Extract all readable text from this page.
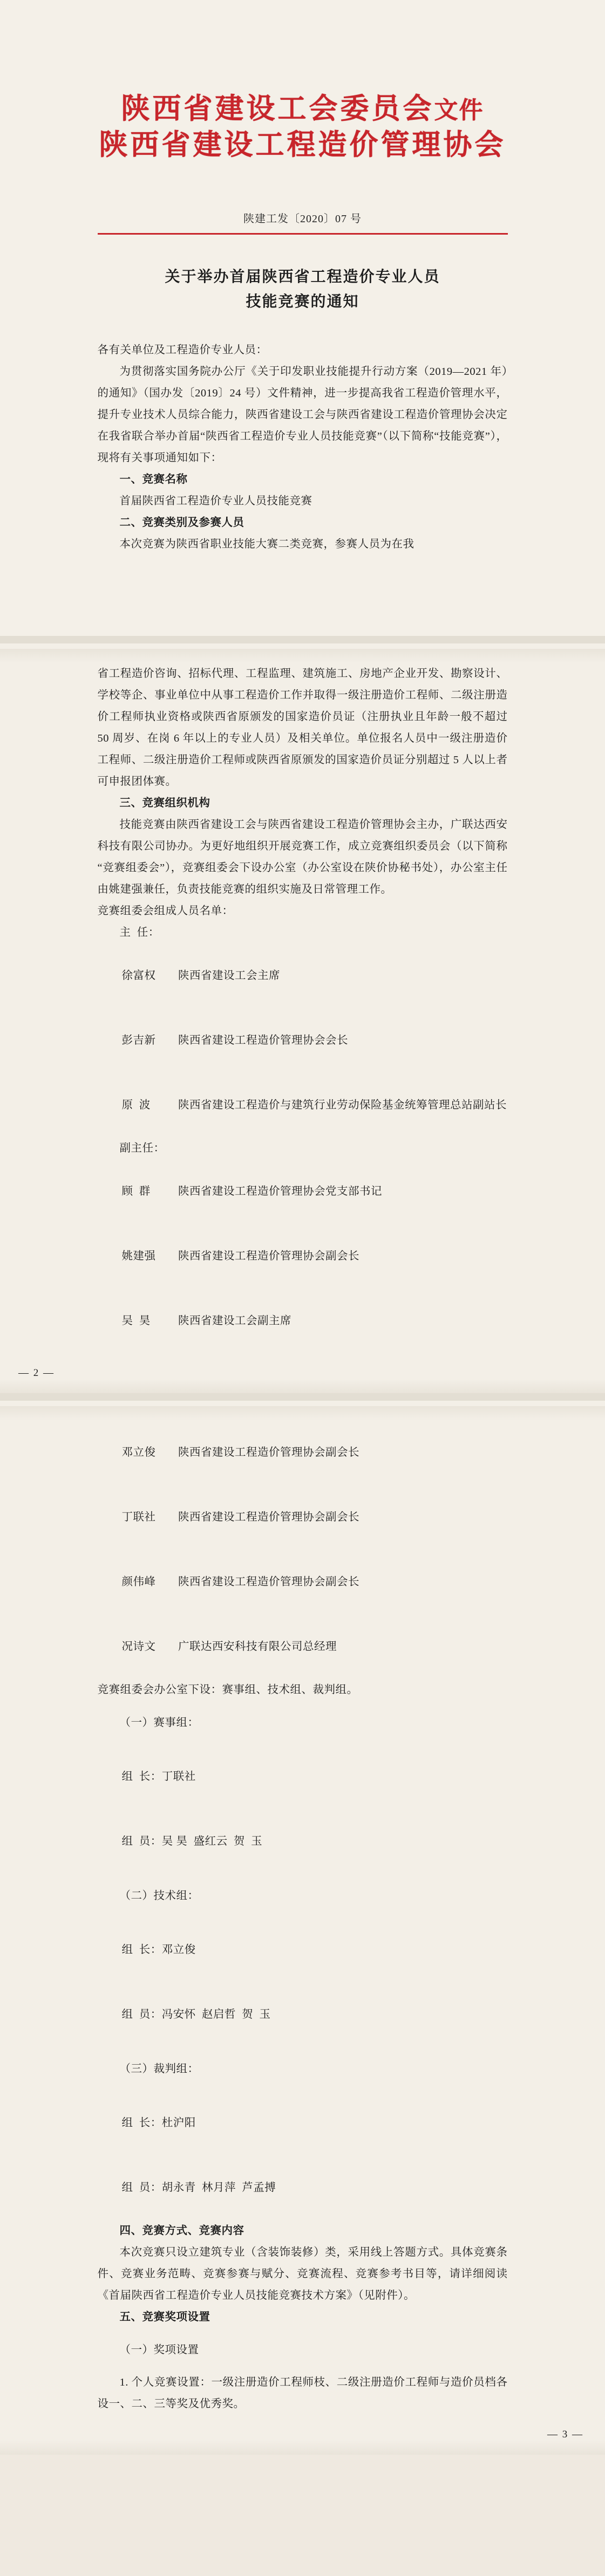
陕西省建设工会委员会文件
陕西省建设工程造价管理协会
陕建工发〔2020〕07 号
关于举办首届陕西省工程造价专业人员
技能竞赛的通知

各有关单位及工程造价专业人员：

为贯彻落实国务院办公厅《关于印发职业技能提升行动方案（2019—2021 年）的通知》（国办发〔2019〕24 号）文件精神，进一步提高我省工程造价管理水平，提升专业技术人员综合能力，陕西省建设工会与陕西省建设工程造价管理协会决定在我省联合举办首届“陕西省工程造价专业人员技能竞赛”（以下简称“技能竞赛”），现将有关事项通知如下：

一、竞赛名称

首届陕西省工程造价专业人员技能竞赛

二、竞赛类别及参赛人员

本次竞赛为陕西省职业技能大赛二类竞赛，参赛人员为在我

省工程造价咨询、招标代理、工程监理、建筑施工、房地产企业开发、勘察设计、学校等企、事业单位中从事工程造价工作并取得一级注册造价工程师、二级注册造价工程师执业资格或陕西省原颁发的国家造价员证（注册执业且年龄一般不超过 50 周岁、在岗 6 年以上的专业人员）及相关单位。单位报名人员中一级注册造价工程师、二级注册造价工程师或陕西省原颁发的国家造价员证分别超过 5 人以上者可申报团体赛。

三、竞赛组织机构

技能竞赛由陕西省建设工会与陕西省建设工程造价管理协会主办，广联达西安科技有限公司协办。为更好地组织开展竞赛工作，成立竞赛组织委员会（以下简称“竞赛组委会”），竞赛组委会下设办公室（办公室设在陕价协秘书处），办公室主任由姚建强兼任，负责技能竞赛的组织实施及日常管理工作。

竞赛组委会组成人员名单：

主  任：

徐富权 陕西省建设工会主席

彭吉新 陕西省建设工程造价管理协会会长

原  波	陕西省建设工程造价与建筑行业劳动保险基金统筹管理总站副站长

副主任：

顾  群	陕西省建设工程造价管理协会党支部书记

姚建强 陕西省建设工程造价管理协会副会长

吴  昊	陕西省建设工会副主席

— 2 —

邓立俊 陕西省建设工程造价管理协会副会长

丁联社 陕西省建设工程造价管理协会副会长

颜伟峰 陕西省建设工程造价管理协会副会长

况诗文 广联达西安科技有限公司总经理

竞赛组委会办公室下设：赛事组、技术组、裁判组。

（一）赛事组：

组  长：丁联社

组  员：吴 昊  盛红云  贺  玉

（二）技术组：

组  长：邓立俊

组  员：冯安怀  赵启哲  贺  玉

（三）裁判组：

组  长：杜沪阳

组  员：胡永青  林月萍  芦孟搏

四、竞赛方式、竞赛内容

本次竞赛只设立建筑专业（含装饰装修）类，采用线上答题方式。具体竞赛条件、竞赛业务范畴、竞赛参赛与赋分、竞赛流程、竞赛参考书目等，请详细阅读《首届陕西省工程造价专业人员技能竞赛技术方案》（见附件）。

五、竞赛奖项设置

（一）奖项设置

1. 个人竞赛设置：一级注册造价工程师枝、二级注册造价工程师与造价员档各设一、二、三等奖及优秀奖。

— 3 —
